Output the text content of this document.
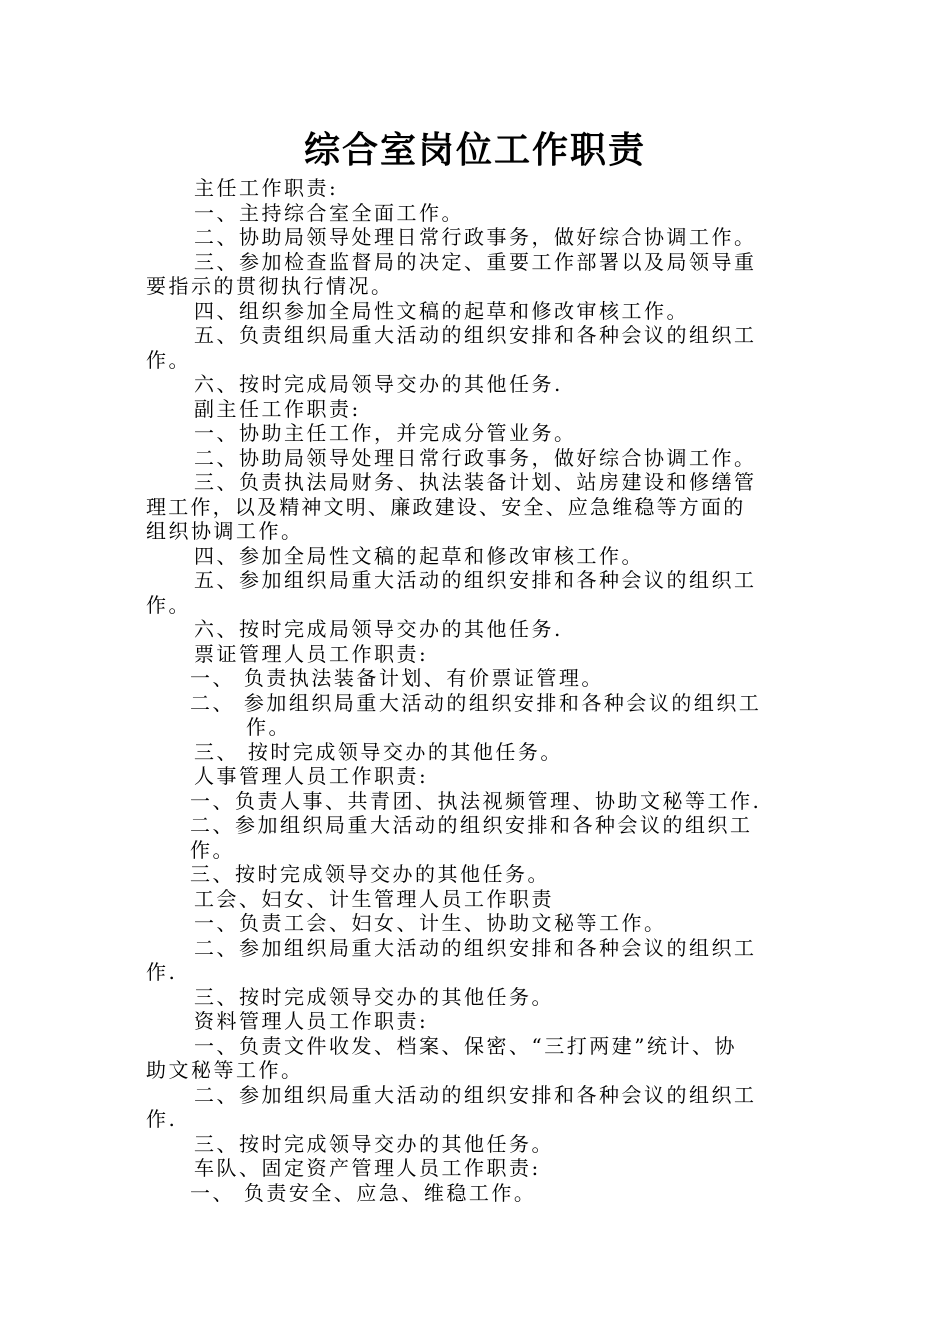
综合室岗位工作职责
主任工作职责:
一、主持综合室全面工作。
二、协助局领导处理日常行政事务，做好综合协调工作。
三、参加检查监督局的决定、重要工作部署以及局领导重
要指示的贯彻执行情况。
四、组织参加全局性文稿的起草和修改审核工作。
五、负责组织局重大活动的组织安排和各种会议的组织工
作。
六、按时完成局领导交办的其他任务.
副主任工作职责:
一、协助主任工作，并完成分管业务。
二、协助局领导处理日常行政事务，做好综合协调工作。
三、负责执法局财务、执法装备计划、站房建设和修缮管
理工作，以及精神文明、廉政建设、安全、应急维稳等方面的
组织协调工作。
四、参加全局性文稿的起草和修改审核工作。
五、参加组织局重大活动的组织安排和各种会议的组织工
作。
六、按时完成局领导交办的其他任务.
票证管理人员工作职责:
一、 负责执法装备计划、有价票证管理。
二、 参加组织局重大活动的组织安排和各种会议的组织工
作。
三、 按时完成领导交办的其他任务。
人事管理人员工作职责:
一、负责人事、共青团、执法视频管理、协助文秘等工作.
二、参加组织局重大活动的组织安排和各种会议的组织工
作。
三、按时完成领导交办的其他任务。
工会、妇女、计生管理人员工作职责
一、负责工会、妇女、计生、协助文秘等工作。
二、参加组织局重大活动的组织安排和各种会议的组织工
作.
三、按时完成领导交办的其他任务。
资料管理人员工作职责:
一、负责文件收发、档案、保密、“三打两建”统计、协
助文秘等工作。
二、参加组织局重大活动的组织安排和各种会议的组织工
作.
三、按时完成领导交办的其他任务。
车队、固定资产管理人员工作职责:
一、 负责安全、应急、维稳工作。
